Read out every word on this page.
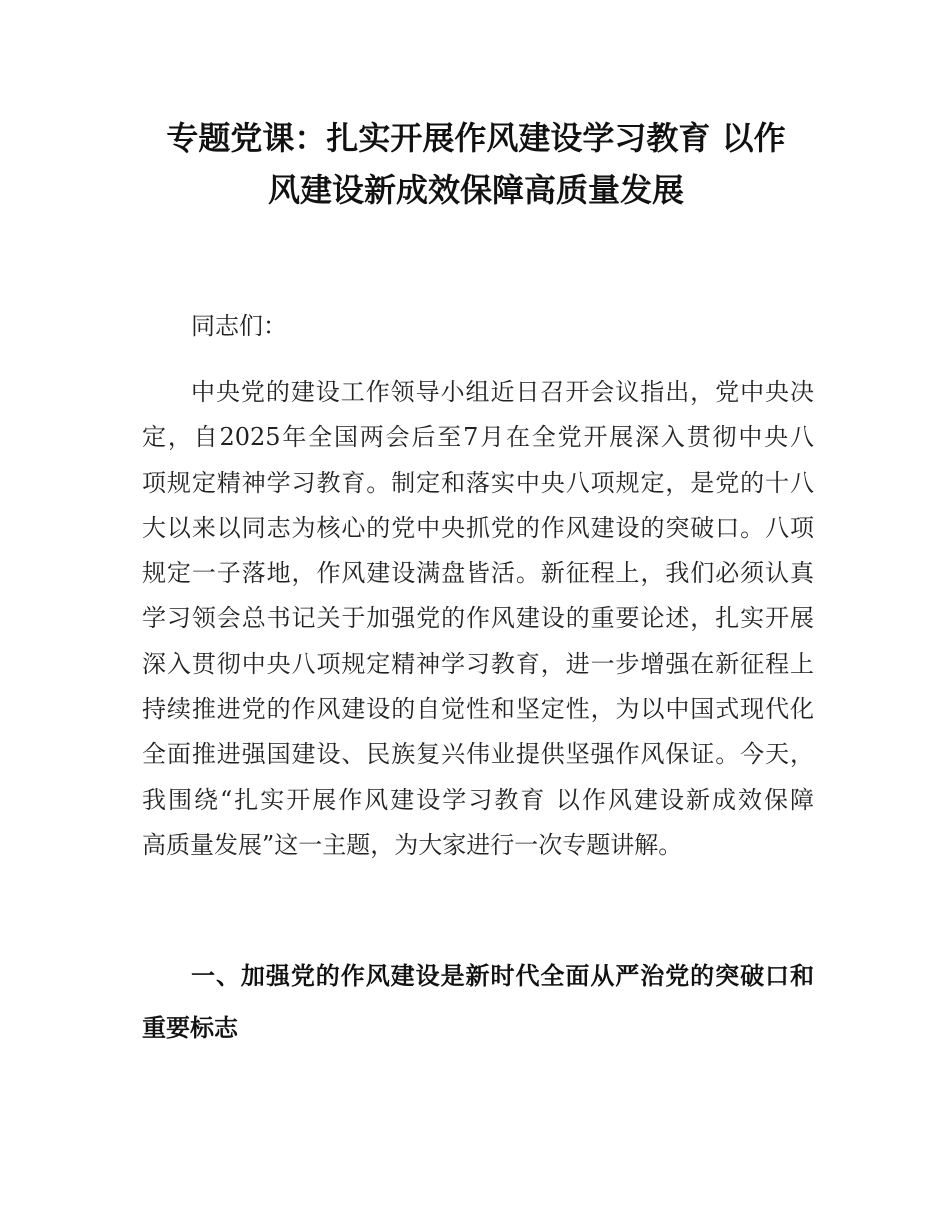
专题党课：扎实开展作风建设学习教育 以作
风建设新成效保障高质量发展
同志们：
中央党的建设工作领导小组近日召开会议指出，党中央决
定，自2025年全国两会后至7月在全党开展深入贯彻中央八
项规定精神学习教育。制定和落实中央八项规定，是党的十八
大以来以同志为核心的党中央抓党的作风建设的突破口。八项
规定一子落地，作风建设满盘皆活。新征程上，我们必须认真
学习领会总书记关于加强党的作风建设的重要论述，扎实开展
深入贯彻中央八项规定精神学习教育，进一步增强在新征程上
持续推进党的作风建设的自觉性和坚定性，为以中国式现代化
全面推进强国建设、民族复兴伟业提供坚强作风保证。今天，
我围绕“扎实开展作风建设学习教育 以作风建设新成效保障
高质量发展”这一主题，为大家进行一次专题讲解。
一、加强党的作风建设是新时代全面从严治党的突破口和
重要标志
